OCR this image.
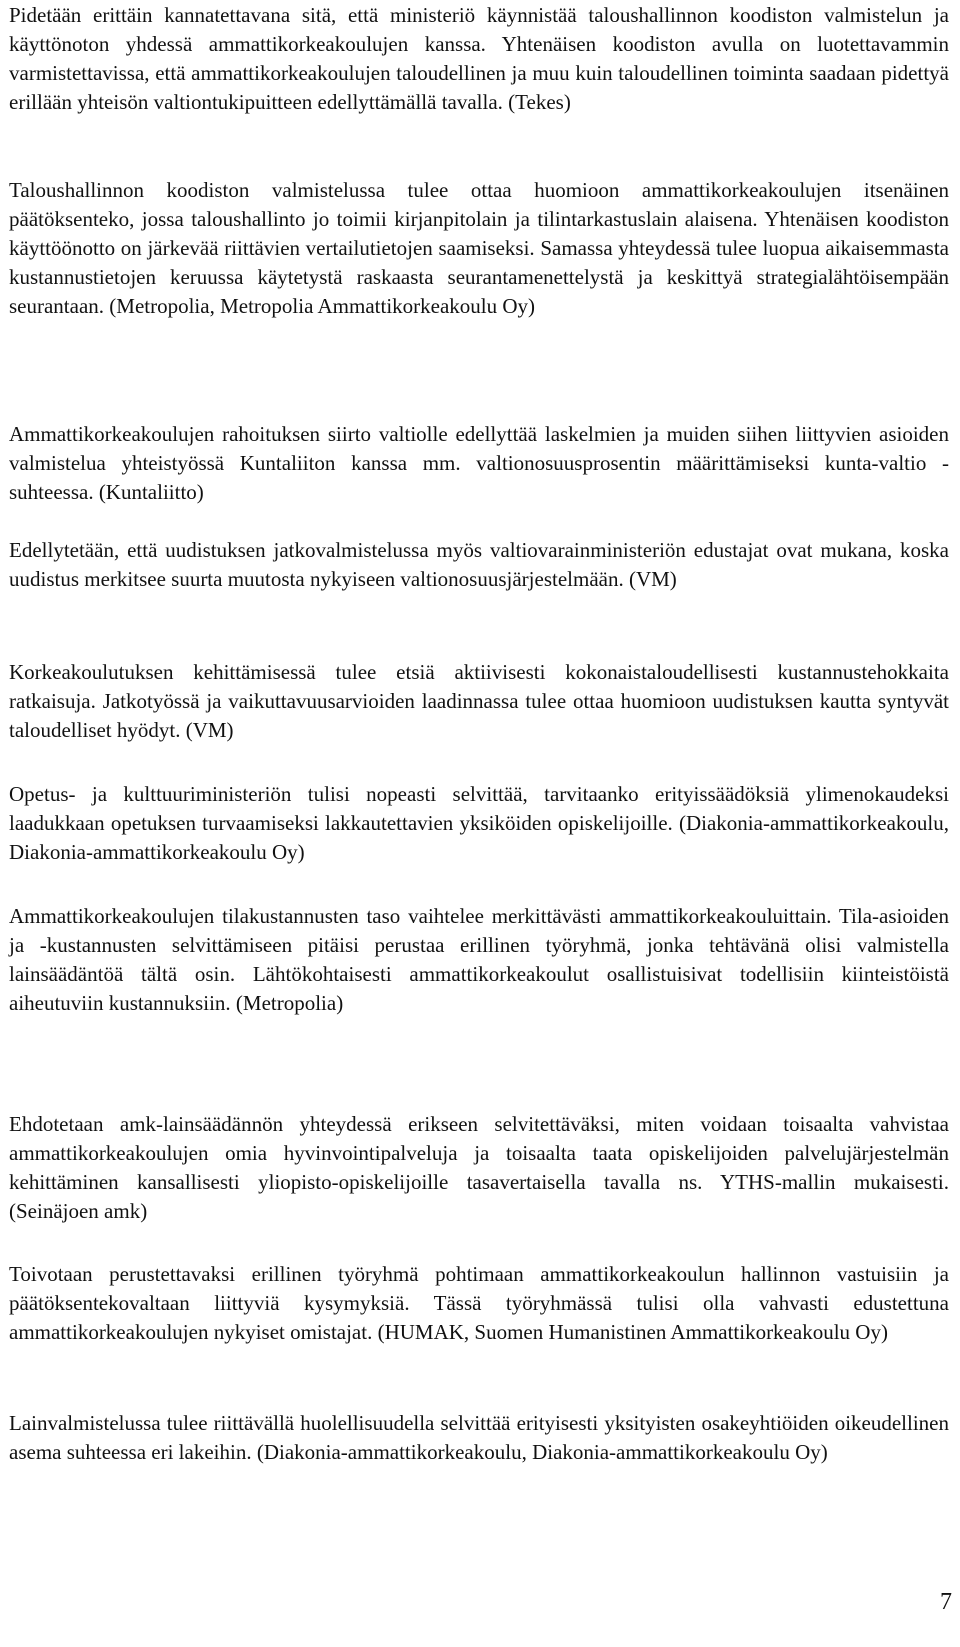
Pidetään erittäin kannatettavana sitä, että ministeriö käynnistää taloushallinnon koodiston valmistelun ja käyttönoton yhdessä ammattikorkeakoulujen kanssa. Yhtenäisen koodiston avulla on luotettavammin varmistettavissa, että ammattikorkeakoulujen taloudellinen ja muu kuin taloudellinen toiminta saadaan pidettyä erillään yhteisön valtiontukipuitteen edellyttämällä tavalla. (Tekes)

Taloushallinnon koodiston valmistelussa tulee ottaa huomioon ammattikorkeakoulujen itsenäinen päätöksenteko, jossa taloushallinto jo toimii kirjanpitolain ja tilintarkastuslain alaisena. Yhtenäisen koodiston käyttöönotto on järkevää riittävien vertailutietojen saamiseksi. Samassa yhteydessä tulee luopua aikaisemmasta kustannustietojen keruussa käytetystä raskaasta seurantamenettelystä ja keskittyä strategialähtöisempään seurantaan. (Metropolia, Metropolia Ammattikorkeakoulu Oy)

Ammattikorkeakoulujen rahoituksen siirto valtiolle edellyttää laskelmien ja muiden siihen liittyvien asioiden valmistelua yhteistyössä Kuntaliiton kanssa mm. valtionosuusprosentin määrittämiseksi kunta-valtio -suhteessa. (Kuntaliitto)

Edellytetään, että uudistuksen jatkovalmistelussa myös valtiovarainministeriön edustajat ovat mukana, koska uudistus merkitsee suurta muutosta nykyiseen valtionosuusjärjestelmään. (VM)

Korkeakoulutuksen kehittämisessä tulee etsiä aktiivisesti kokonaistaloudellisesti kustannustehokkaita ratkaisuja. Jatkotyössä ja vaikuttavuusarvioiden laadinnassa tulee ottaa huomioon uudistuksen kautta syntyvät taloudelliset hyödyt. (VM)

Opetus- ja kulttuuriministeriön tulisi nopeasti selvittää, tarvitaanko erityissäädöksiä ylimenokaudeksi laadukkaan opetuksen turvaamiseksi lakkautettavien yksiköiden opiskelijoille. (Diakonia-ammattikorkeakoulu, Diakonia-ammattikorkeakoulu Oy)

Ammattikorkeakoulujen tilakustannusten taso vaihtelee merkittävästi ammattikorkeakouluittain. Tila-asioiden ja -kustannusten selvittämiseen pitäisi perustaa erillinen työryhmä, jonka tehtävänä olisi valmistella lainsäädäntöä tältä osin. Lähtökohtaisesti ammattikorkeakoulut osallistuisivat todellisiin kiinteistöistä aiheutuviin kustannuksiin. (Metropolia)

Ehdotetaan amk-lainsäädännön yhteydessä erikseen selvitettäväksi, miten voidaan toisaalta vahvistaa ammattikorkeakoulujen omia hyvinvointipalveluja ja toisaalta taata opiskelijoiden palvelujärjestelmän kehittäminen kansallisesti yliopisto-opiskelijoille tasavertaisella tavalla ns. YTHS-mallin mukaisesti. (Seinäjoen amk)

Toivotaan perustettavaksi erillinen työryhmä pohtimaan ammattikorkeakoulun hallinnon vastuisiin ja päätöksentekovaltaan liittyviä kysymyksiä. Tässä työryhmässä tulisi olla vahvasti edustettuna ammattikorkeakoulujen nykyiset omistajat. (HUMAK, Suomen Humanistinen Ammattikorkeakoulu Oy)

Lainvalmistelussa tulee riittävällä huolellisuudella selvittää erityisesti yksityisten osakeyhtiöiden oikeudellinen asema suhteessa eri lakeihin. (Diakonia-ammattikorkeakoulu, Diakonia-ammattikorkeakoulu Oy)

7
